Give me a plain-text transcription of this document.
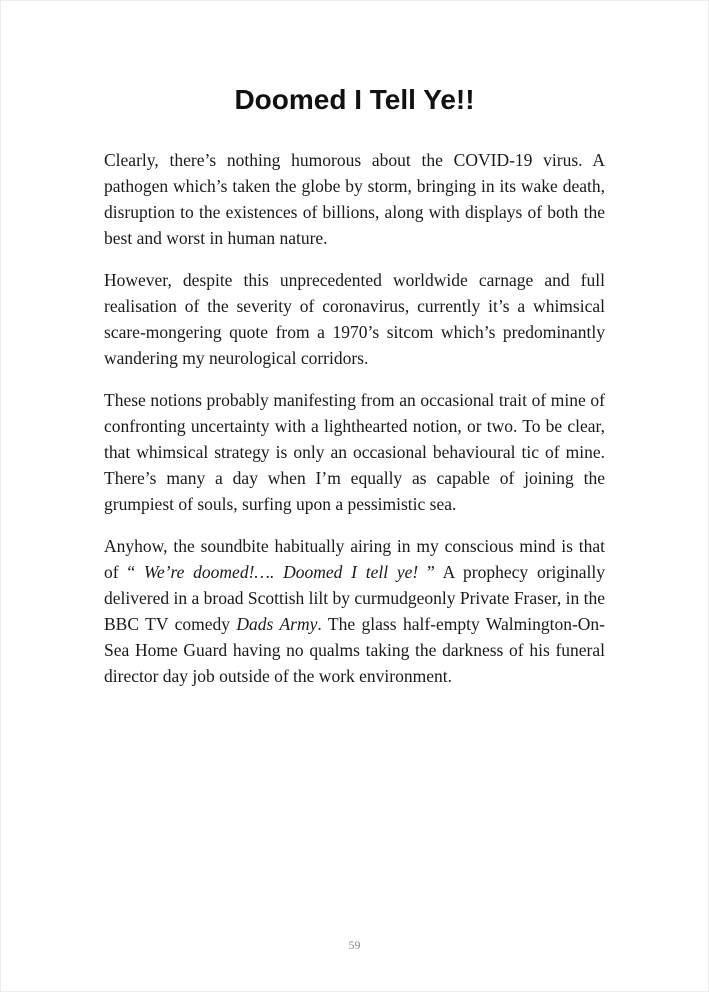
Doomed I Tell Ye!!

Clearly, there’s nothing humorous about the COVID-19 virus. A pathogen which’s taken the globe by storm, bringing in its wake death, disruption to the existences of billions, along with displays of both the best and worst in human nature.

However, despite this unprecedented worldwide carnage and full realisation of the severity of coronavirus, currently it’s a whimsical scare-mongering quote from a 1970’s sitcom which’s predominantly wandering my neurological corridors.

These notions probably manifesting from an occasional trait of mine of confronting uncertainty with a lighthearted notion, or two. To be clear, that whimsical strategy is only an occasional behavioural tic of mine. There’s many a day when I’m equally as capable of joining the grumpiest of souls, surfing upon a pessimistic sea.

Anyhow, the soundbite habitually airing in my conscious mind is that of “ We’re doomed!…. Doomed I tell ye! ” A prophecy originally delivered in a broad Scottish lilt by curmudgeonly Private Fraser, in the BBC TV comedy Dads Army. The glass half-empty Walmington-On-Sea Home Guard having no qualms taking the darkness of his funeral director day job outside of the work environment.

59
